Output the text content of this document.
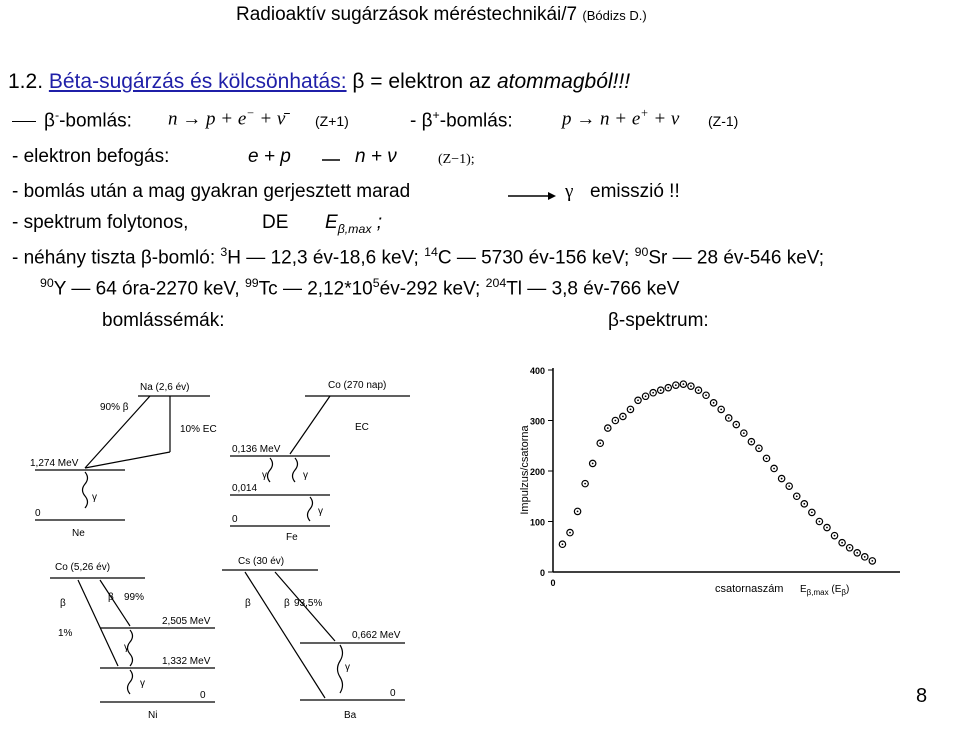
Radioaktív sugárzások méréstechnikái/7 (Bódizs D.)
1.2. Béta-sugárzás és kölcsönhatás: β = elektron az atommagból!!!
β--bomlás: n → p + e− + ν̄ (Z+1)	- β+-bomlás:	p → n + e+ + ν (Z-1)
- elektron befogás:	e + p	n + ν	(Z−1);
- bomlás után a mag gyakran gerjesztett marad	γ emisszió !!
- spektrum folytonos,	DE $E_{\beta,max}$ ;
- néhány tiszta β-bomló: $^3$H — 12,3 év-18,6 keV; $^{14}$C — 5730 év-156 keV; $^{90}$Sr — 28 év-546 keV;
$^{90}$Y — 64 óra-2270 keV, $^{99}$Tc — $2,12*10^5év-292$ keV; $^{204}$Tl — 3,8 év-766 keV
bomlássémák:	β-spektrum:
Na (2,6 év)
90% β
10% EC
1,274 MeV
0
γ
Ne
Co (270 nap)
EC
0,136 MeV
0,014
0
γ	γ
γ
Fe
Co (5,26 év)
β
β 99%
1%
2,505 MeV
1,332 MeV
0
γ
γ
Ni
Cs (30 év)
β	β 93,5%
0,662 MeV
0
γ
Ba
Impulzus/csatorna
csatornaszám $E_{\beta,max}$ $(E_\beta)$
0
100
200
300
400
0
8
